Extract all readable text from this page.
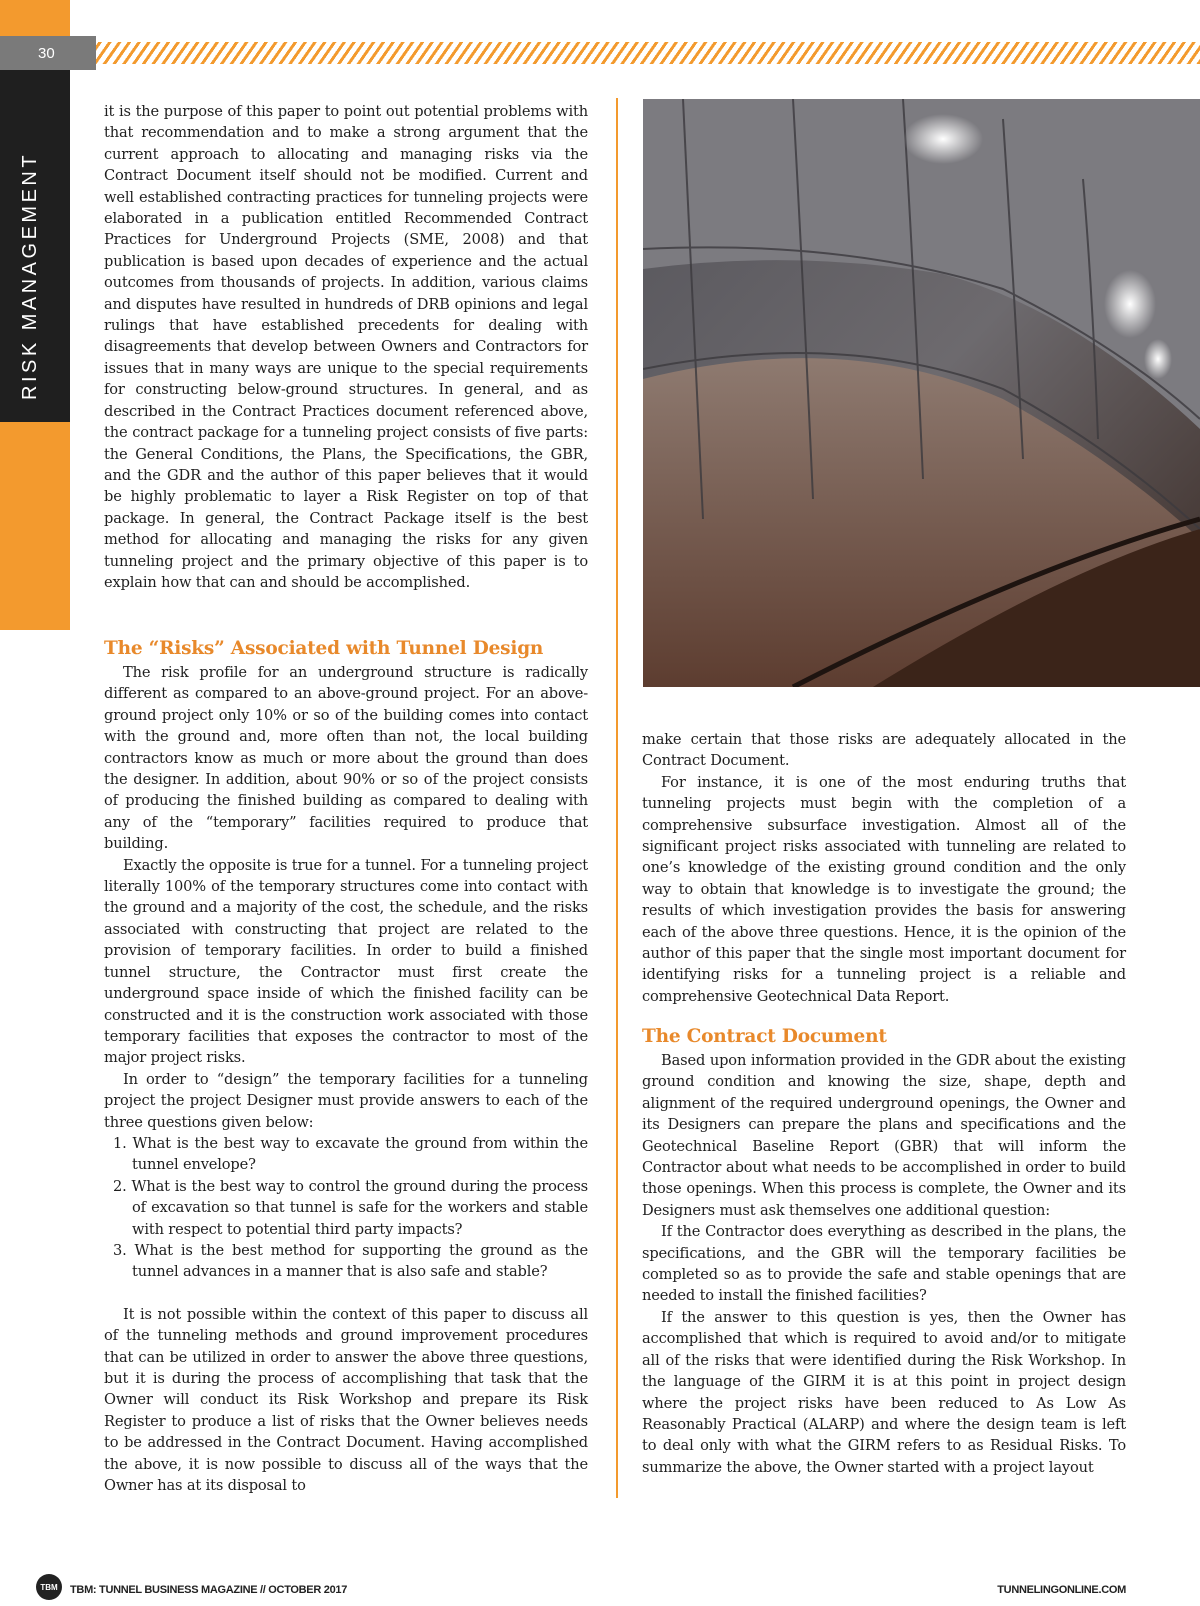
30
RISK MANAGEMENT

it is the purpose of this paper to point out potential problems with that recommendation and to make a strong argument that the current approach to allocating and managing risks via the Contract Document itself should not be modified. Current and well established contracting practices for tunneling projects were elaborated in a publication entitled Recommended Contract Practices for Underground Projects (SME, 2008) and that publication is based upon decades of experience and the actual outcomes from thousands of projects. In addition, various claims and disputes have resulted in hundreds of DRB opinions and legal rulings that have established precedents for dealing with disagreements that develop between Owners and Contractors for issues that in many ways are unique to the special requirements for constructing below-ground structures. In general, and as described in the Contract Practices document referenced above, the contract package for a tunneling project consists of five parts: the General Conditions, the Plans, the Specifications, the GBR, and the GDR and the author of this paper believes that it would be highly problematic to layer a Risk Register on top of that package. In general, the Contract Package itself is the best method for allocating and managing the risks for any given tunneling project and the primary objective of this paper is to explain how that can and should be accomplished.

The “Risks” Associated with Tunnel Design

The risk profile for an underground structure is radically different as compared to an above-ground project. For an above-ground project only 10% or so of the building comes into contact with the ground and, more often than not, the local building contractors know as much or more about the ground than does the designer. In addition, about 90% or so of the project consists of producing the finished building as compared to dealing with any of the “temporary” facilities required to produce that building.

Exactly the opposite is true for a tunnel. For a tunneling project literally 100% of the temporary structures come into contact with the ground and a majority of the cost, the schedule, and the risks associated with constructing that project are related to the provision of temporary facilities. In order to build a finished tunnel structure, the Contractor must first create the underground space inside of which the finished facility can be constructed and it is the construction work associated with those temporary facilities that exposes the contractor to most of the major project risks.

In order to “design” the temporary facilities for a tunneling project the project Designer must provide answers to each of the three questions given below:

1. What is the best way to excavate the ground from within the tunnel envelope?

2. What is the best way to control the ground during the process of excavation so that tunnel is safe for the workers and stable with respect to potential third party impacts?

3. What is the best method for supporting the ground as the tunnel advances in a manner that is also safe and stable?

It is not possible within the context of this paper to discuss all of the tunneling methods and ground improvement procedures that can be utilized in order to answer the above three questions, but it is during the process of accomplishing that task that the Owner will conduct its Risk Workshop and prepare its Risk Register to produce a list of risks that the Owner believes needs to be addressed in the Contract Document. Having accomplished the above, it is now possible to discuss all of the ways that the Owner has at its disposal to

make certain that those risks are adequately allocated in the Contract Document.

For instance, it is one of the most enduring truths that tunneling projects must begin with the completion of a comprehensive subsurface investigation. Almost all of the significant project risks associated with tunneling are related to one’s knowledge of the existing ground condition and the only way to obtain that knowledge is to investigate the ground; the results of which investigation provides the basis for answering each of the above three questions. Hence, it is the opinion of the author of this paper that the single most important document for identifying risks for a tunneling project is a reliable and comprehensive Geotechnical Data Report.

The Contract Document

Based upon information provided in the GDR about the existing ground condition and knowing the size, shape, depth and alignment of the required underground openings, the Owner and its Designers can prepare the plans and specifications and the Geotechnical Baseline Report (GBR) that will inform the Contractor about what needs to be accomplished in order to build those openings. When this process is complete, the Owner and its Designers must ask themselves one additional question:

If the Contractor does everything as described in the plans, the specifications, and the GBR will the temporary facilities be completed so as to provide the safe and stable openings that are needed to install the finished facilities?

If the answer to this question is yes, then the Owner has accomplished that which is required to avoid and/or to mitigate all of the risks that were identified during the Risk Workshop. In the language of the GIRM it is at this point in project design where the project risks have been reduced to As Low As Reasonably Practical (ALARP) and where the design team is left to deal only with what the GIRM refers to as Residual Risks. To summarize the above, the Owner started with a project layout

TBM	TBM: TUNNEL BUSINESS MAGAZINE // OCTOBER 2017	TUNNELINGONLINE.COM
